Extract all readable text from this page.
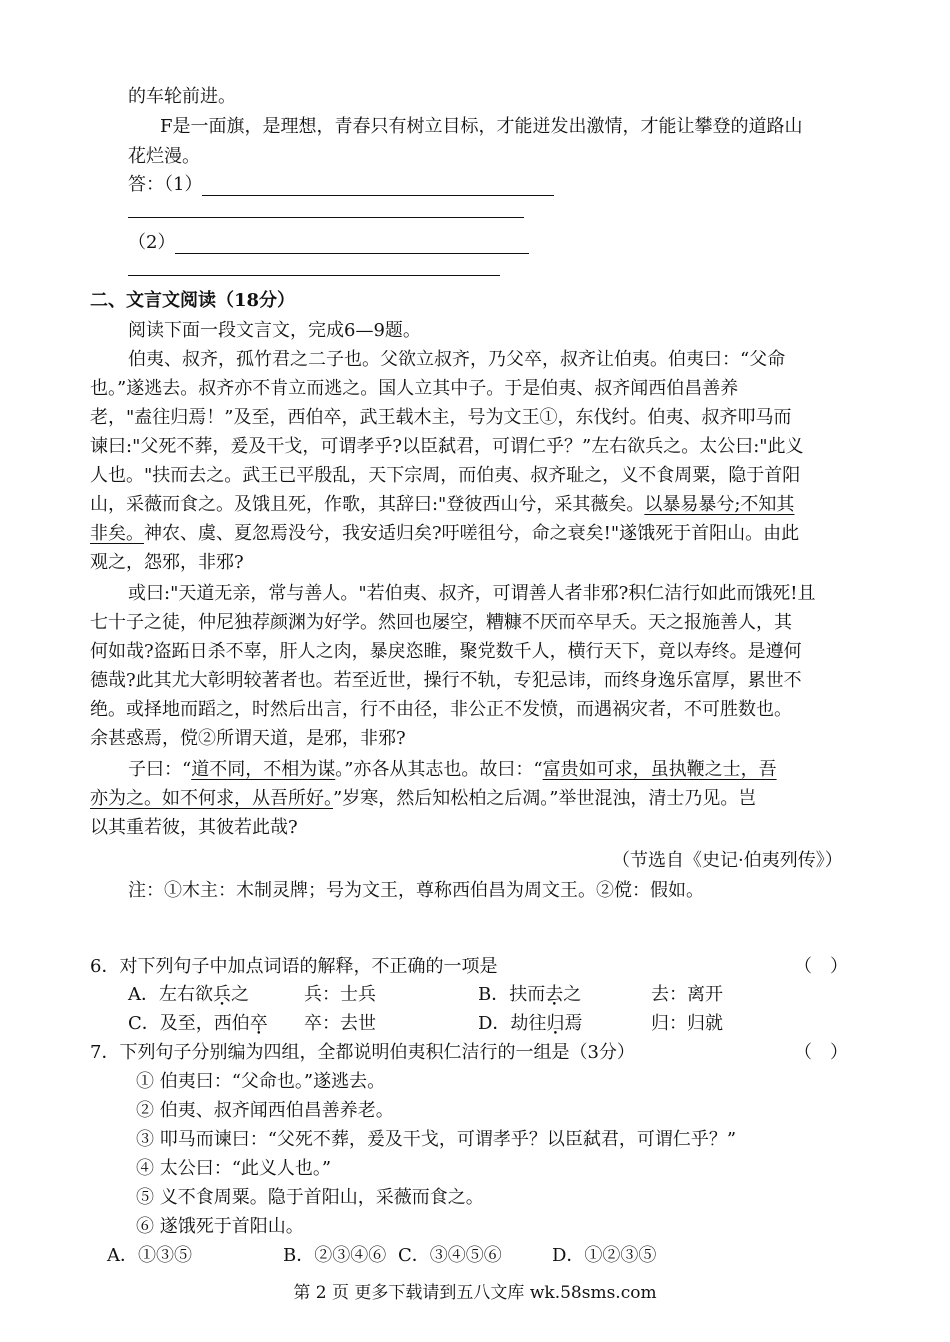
的车轮前进。
F是一面旗，是理想，青春只有树立目标，才能迸发出激情，才能让攀登的道路山
花烂漫。
答：（1）
（2）
二、文言文阅读（18分）
阅读下面一段文言文，完成6—9题。
伯夷、叔齐，孤竹君之二子也。父欲立叔齐，乃父卒，叔齐让伯夷。伯夷曰：“父命
也。”遂逃去。叔齐亦不肯立而逃之。国人立其中子。于是伯夷、叔齐闻西伯昌善养
老，"盍往归焉！”及至，西伯卒，武王载木主，号为文王①，东伐纣。伯夷、叔齐叩马而
谏曰:"父死不葬，爰及干戈，可谓孝乎?以臣弑君，可谓仁乎？”左右欲兵之。太公曰:"此义
人也。"扶而去之。武王已平殷乱，天下宗周，而伯夷、叔齐耻之，义不食周粟，隐于首阳
山，采薇而食之。及饿且死，作歌，其辞曰:"登彼西山兮，采其薇矣。以暴易暴兮;不知其
非矣。神农、虞、夏忽焉没兮，我安适归矣?吁嗟徂兮，命之衰矣!"遂饿死于首阳山。由此
观之，怨邪，非邪?
或曰:"天道无亲，常与善人。"若伯夷、叔齐，可谓善人者非邪?积仁洁行如此而饿死!且
七十子之徒，仲尼独荐颜渊为好学。然回也屡空，糟糠不厌而卒早夭。天之报施善人，其
何如哉?盗跖日杀不辜，肝人之肉，暴戾恣睢，聚党数千人，横行天下，竟以寿终。是遵何
德哉?此其尤大彰明较著者也。若至近世，操行不轨，专犯忌讳，而终身逸乐富厚，累世不
绝。或择地而蹈之，时然后出言，行不由径，非公正不发愤，而遇祸灾者，不可胜数也。
余甚惑焉，傥②所谓天道，是邪，非邪?
子曰：“道不同，不相为谋。”亦各从其志也。故曰：“富贵如可求，虽执鞭之士，吾
亦为之。如不何求，从吾所好。”岁寒，然后知松柏之后凋。”举世混浊，清士乃见。岂
以其重若彼，其彼若此哉?
（节选自《史记·伯夷列传》）
注：①木主：木制灵牌；号为文王，尊称西伯昌为周文王。②傥：假如。
6．对下列句子中加点词语的解释，不正确的一项是	（　）
A．左右欲兵之	兵：士兵	B．扶而去之	去：离开
C．及至，西伯卒 卒：去世	D．劫往归焉	归：归就
7．下列句子分别编为四组，全都说明伯夷积仁洁行的一组是（3分）	（　）
① 伯夷曰：“父命也。”遂逃去。
② 伯夷、叔齐闻西伯昌善养老。
③ 叩马而谏曰：“父死不葬，爰及干戈，可谓孝乎？以臣弑君，可谓仁乎？”
④ 太公曰：“此义人也。”
⑤ 义不食周粟。隐于首阳山，采薇而食之。
⑥ 遂饿死于首阳山。
A．①③⑤	B．②③④⑥ C．③④⑤⑥	D．①②③⑤
第 2 页 更多下载请到五八文库 wk.58sms.com
